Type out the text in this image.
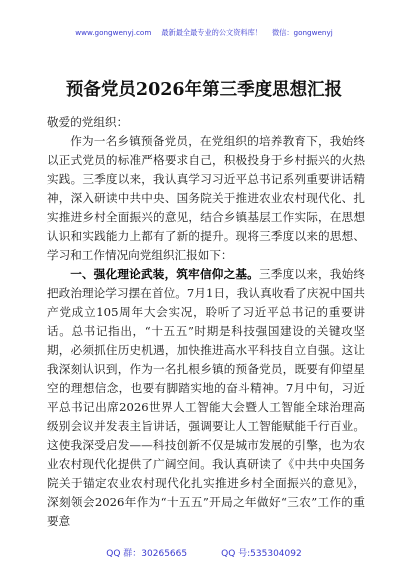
www.gongwenyj.com 最新最全最专业的公文资料库！ 微信：gongwenyj
预备党员2026年第三季度思想汇报

敬爱的党组织：

作为一名乡镇预备党员，在党组织的培养教育下，我始终以正式党员的标准严格要求自己，积极投身于乡村振兴的火热实践。三季度以来，我认真学习习近平总书记系列重要讲话精神，深入研读中共中央、国务院关于推进农业农村现代化、扎实推进乡村全面振兴的意见，结合乡镇基层工作实际，在思想认识和实践能力上都有了新的提升。现将三季度以来的思想、学习和工作情况向党组织汇报如下：

一、强化理论武装，筑牢信仰之基。三季度以来，我始终把政治理论学习摆在首位。7月1日，我认真收看了庆祝中国共产党成立105周年大会实况，聆听了习近平总书记的重要讲话。总书记指出，“十五五”时期是科技强国建设的关键攻坚期，必须抓住历史机遇，加快推进高水平科技自立自强。这让我深刻认识到，作为一名扎根乡镇的预备党员，既要有仰望星空的理想信念，也要有脚踏实地的奋斗精神。7月中旬，习近平总书记出席2026世界人工智能大会暨人工智能全球治理高级别会议并发表主旨讲话，强调要让人工智能赋能千行百业。这使我深受启发——科技创新不仅是城市发展的引擎，也为农业农村现代化提供了广阔空间。我认真研读了《中共中央国务院关于锚定农业农村现代化扎实推进乡村全面振兴的意见》，深刻领会2026年作为“十五五”开局之年做好“三农”工作的重要意

QQ 群：30265665	QQ 号:535304092
